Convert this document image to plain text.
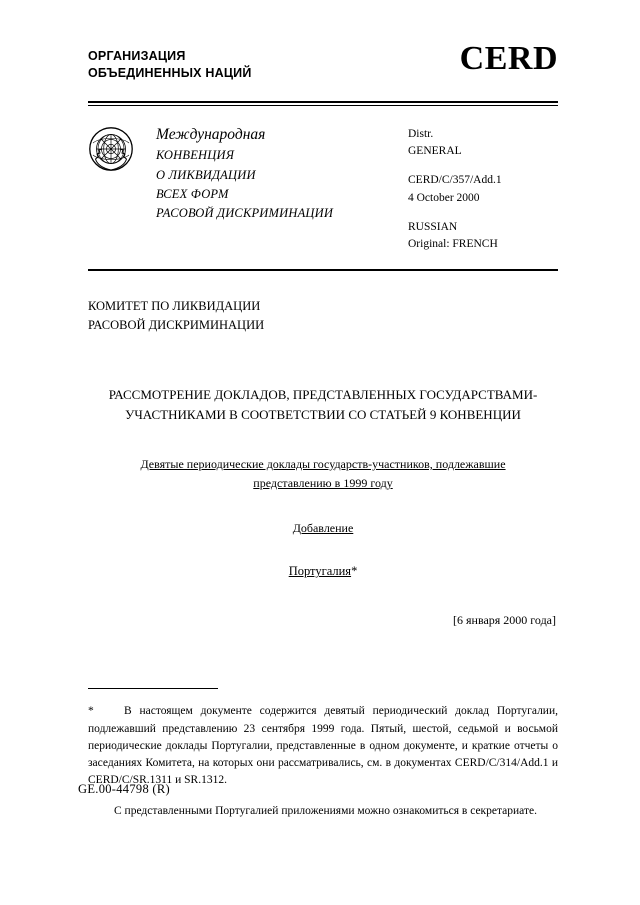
ОРГАНИЗАЦИЯ
ОБЪЕДИНЕННЫХ НАЦИЙ	CERD
Международная
КОНВЕНЦИЯ
О ЛИКВИДАЦИИ
ВСЕХ ФОРМ
РАСОВОЙ ДИСКРИМИНАЦИИ
Distr.
GENERAL
CERD/C/357/Add.1
4 October 2000
RUSSIAN
Original: FRENCH
КОМИТЕТ ПО ЛИКВИДАЦИИ
РАСОВОЙ ДИСКРИМИНАЦИИ
РАССМОТРЕНИЕ ДОКЛАДОВ, ПРЕДСТАВЛЕННЫХ ГОСУДАРСТВАМИ-
УЧАСТНИКАМИ В СООТВЕТСТВИИ СО СТАТЬЕЙ 9 КОНВЕНЦИИ
Девятые периодические доклады государств-участников, подлежавшие
представлению в 1999 году
Добавление
Португалия*
[6 января 2000 года]

*	В настоящем документе содержится девятый периодический доклад Португалии, подлежавший представлению 23 сентября 1999 года. Пятый, шестой, седьмой и восьмой периодические доклады Португалии, представленные в одном документе, и краткие отчеты о заседаниях Комитета, на которых они рассматривались, см. в документах CERD/C/314/Add.1 и CERD/C/SR.1311 и SR.1312.

С представленными Португалией приложениями можно ознакомиться в секретариате.

GE.00-44798 (R)
